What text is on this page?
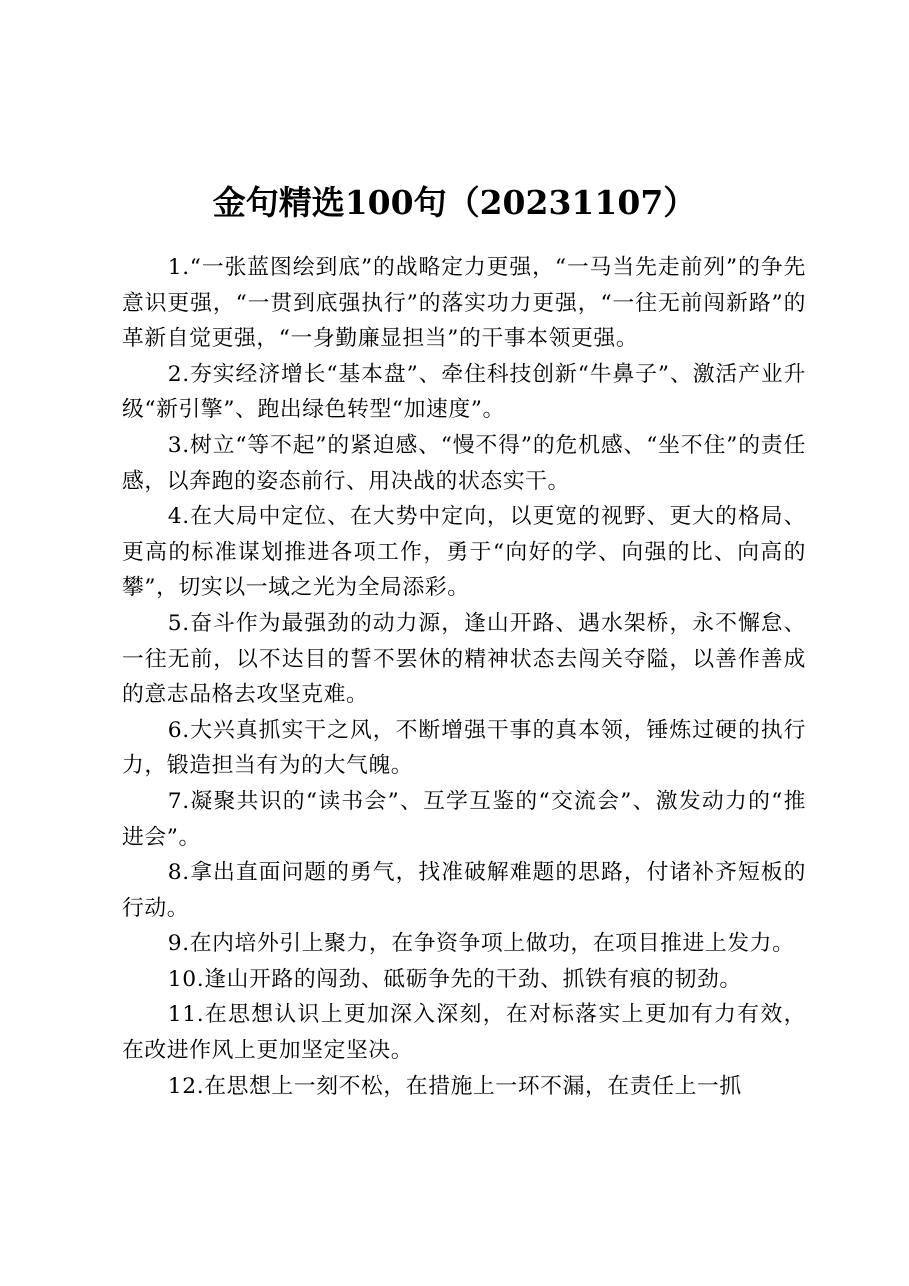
金句精选100句（20231107）

1.“一张蓝图绘到底”的战略定力更强，“一马当先走前列”的争先意识更强，“一贯到底强执行”的落实功力更强，“一往无前闯新路”的革新自觉更强，“一身勤廉显担当”的干事本领更强。

2.夯实经济增长“基本盘”、牵住科技创新“牛鼻子”、激活产业升级“新引擎”、跑出绿色转型“加速度”。

3.树立“等不起”的紧迫感、“慢不得”的危机感、“坐不住”的责任感，以奔跑的姿态前行、用决战的状态实干。

4.在大局中定位、在大势中定向，以更宽的视野、更大的格局、更高的标准谋划推进各项工作，勇于“向好的学、向强的比、向高的攀”，切实以一域之光为全局添彩。

5.奋斗作为最强劲的动力源，逢山开路、遇水架桥，永不懈怠、一往无前，以不达目的誓不罢休的精神状态去闯关夺隘，以善作善成的意志品格去攻坚克难。

6.大兴真抓实干之风，不断增强干事的真本领，锤炼过硬的执行力，锻造担当有为的大气魄。

7.凝聚共识的“读书会”、互学互鉴的“交流会”、激发动力的“推进会”。

8.拿出直面问题的勇气，找准破解难题的思路，付诸补齐短板的行动。

9.在内培外引上聚力，在争资争项上做功，在项目推进上发力。

10.逢山开路的闯劲、砥砺争先的干劲、抓铁有痕的韧劲。

11.在思想认识上更加深入深刻，在对标落实上更加有力有效，在改进作风上更加坚定坚决。

12.在思想上一刻不松，在措施上一环不漏，在责任上一抓
